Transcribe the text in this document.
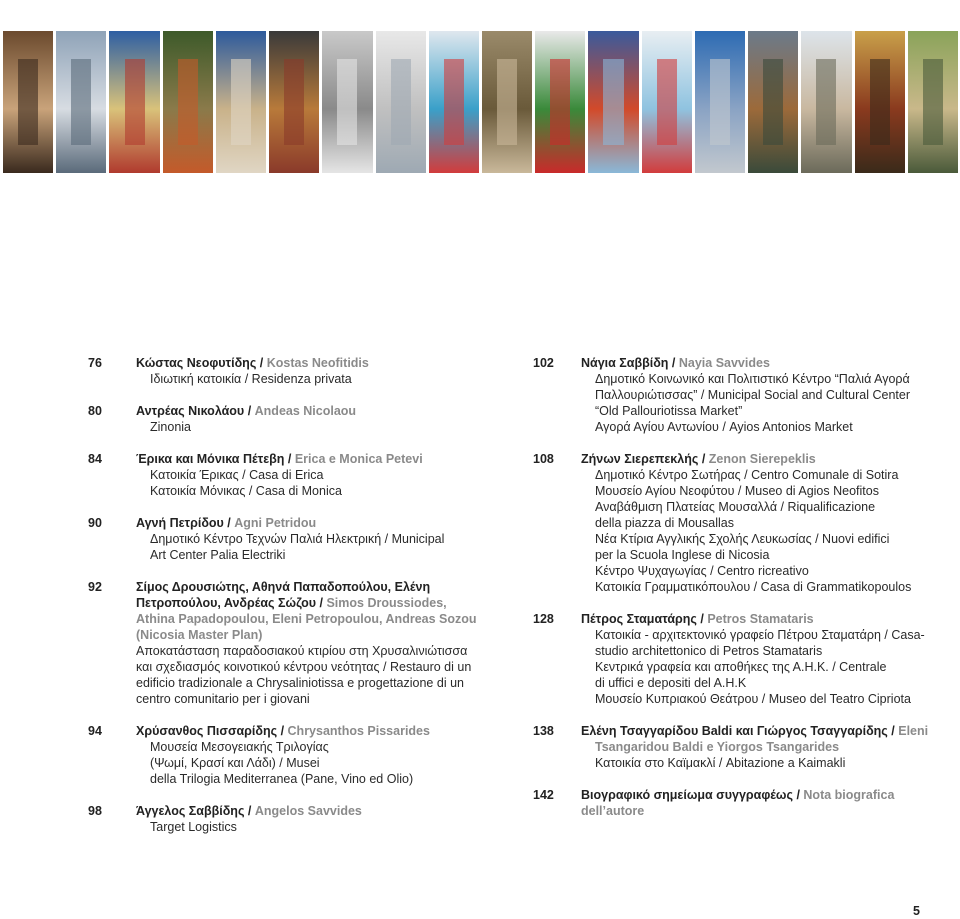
76	Κώστας Νεοφυτίδης / Kostas Neofitidis
Ιδιωτική κατοικία / Residenza privata
80	Αντρέας Νικολάου / Andeas Nicolaou
Zinonia
84	Έρικα και Μόνικα Πέτεβη / Erica e Monica Petevi
Κατοικία Έρικας / Casa di Erica
Κατοικία Μόνικας / Casa di Monica
90	Αγνή Πετρίδου / Agni Petridou
Δημοτικό Κέντρο Τεχνών Παλιά Ηλεκτρική / Municipal
Art Center Palia Electriki
92	Σίμος Δρουσιώτης, Αθηνά Παπαδοπούλου, Ελένη
Πετροπούλου, Ανδρέας Σώζου / Simos Droussiodes,
Athina Papadopoulou, Eleni Petropoulou, Andreas Sozou
(Nicosia Master Plan)
Αποκατάσταση παραδοσιακού κτιρίου στη Χρυσαλινιώτισσα
και σχεδιασμός κοινοτικού κέντρου νεότητας / Restauro di un
edificio tradizionale a Chrysaliniotissa e progettazione di un
centro comunitario per i giovani
94	Χρύσανθος Πισσαρίδης / Chrysanthos Pissarides
Μουσεία Μεσογειακής Τριλογίας
(Ψωμί, Κρασί και Λάδι) / Musei
della Trilogia Mediterranea (Pane, Vino ed Olio)
98	Άγγελος Σαββίδης / Angelos Savvides
Target Logistics
102 Νάγια Σαββίδη / Nayia Savvides
Δημοτικό Κοινωνικό και Πολιτιστικό Κέντρο “Παλιά Αγορά
Παλλουριώτισσας” / Municipal Social and Cultural Center
“Old Pallouriotissa Market”
Αγορά Αγίου Αντωνίου / Ayios Antonios Market
108 Ζήνων Σιερεπεκλής / Zenon Sierepeklis
Δημοτικό Κέντρο Σωτήρας / Centro Comunale di Sotira
Μουσείο Αγίου Νεοφύτου / Museo di Agios Neofitos
Αναβάθμιση Πλατείας Μουσαλλά / Riqualificazione
della piazza di Mousallas
Νέα Κτίρια Αγγλικής Σχολής Λευκωσίας / Nuovi edifici
per la Scuola Inglese di Nicosia
Κέντρο Ψυχαγωγίας / Centro ricreativo
Κατοικία Γραμματικόπουλου / Casa di Grammatikopoulos
128 Πέτρος Σταματάρης / Petros Stamataris
Κατοικία - αρχιτεκτονικό γραφείο Πέτρου Σταματάρη / Casa-
studio architettonico di Petros Stamataris
Κεντρικά γραφεία και αποθήκες της Α.Η.Κ. / Centrale
di uffici e depositi del A.H.K
Μουσείο Κυπριακού Θεάτρου / Museo del Teatro Cipriota
138 Ελένη Τσαγγαρίδου Baldi και Γιώργος Τσαγγαρίδης / Eleni
Tsangaridou Baldi e Yiorgos Tsangarides
Κατοικία στο Καϊμακλί / Abitazione a Kaimakli
142 Βιογραφικό σημείωμα συγγραφέως / Nota biografica
dell’autore
5
